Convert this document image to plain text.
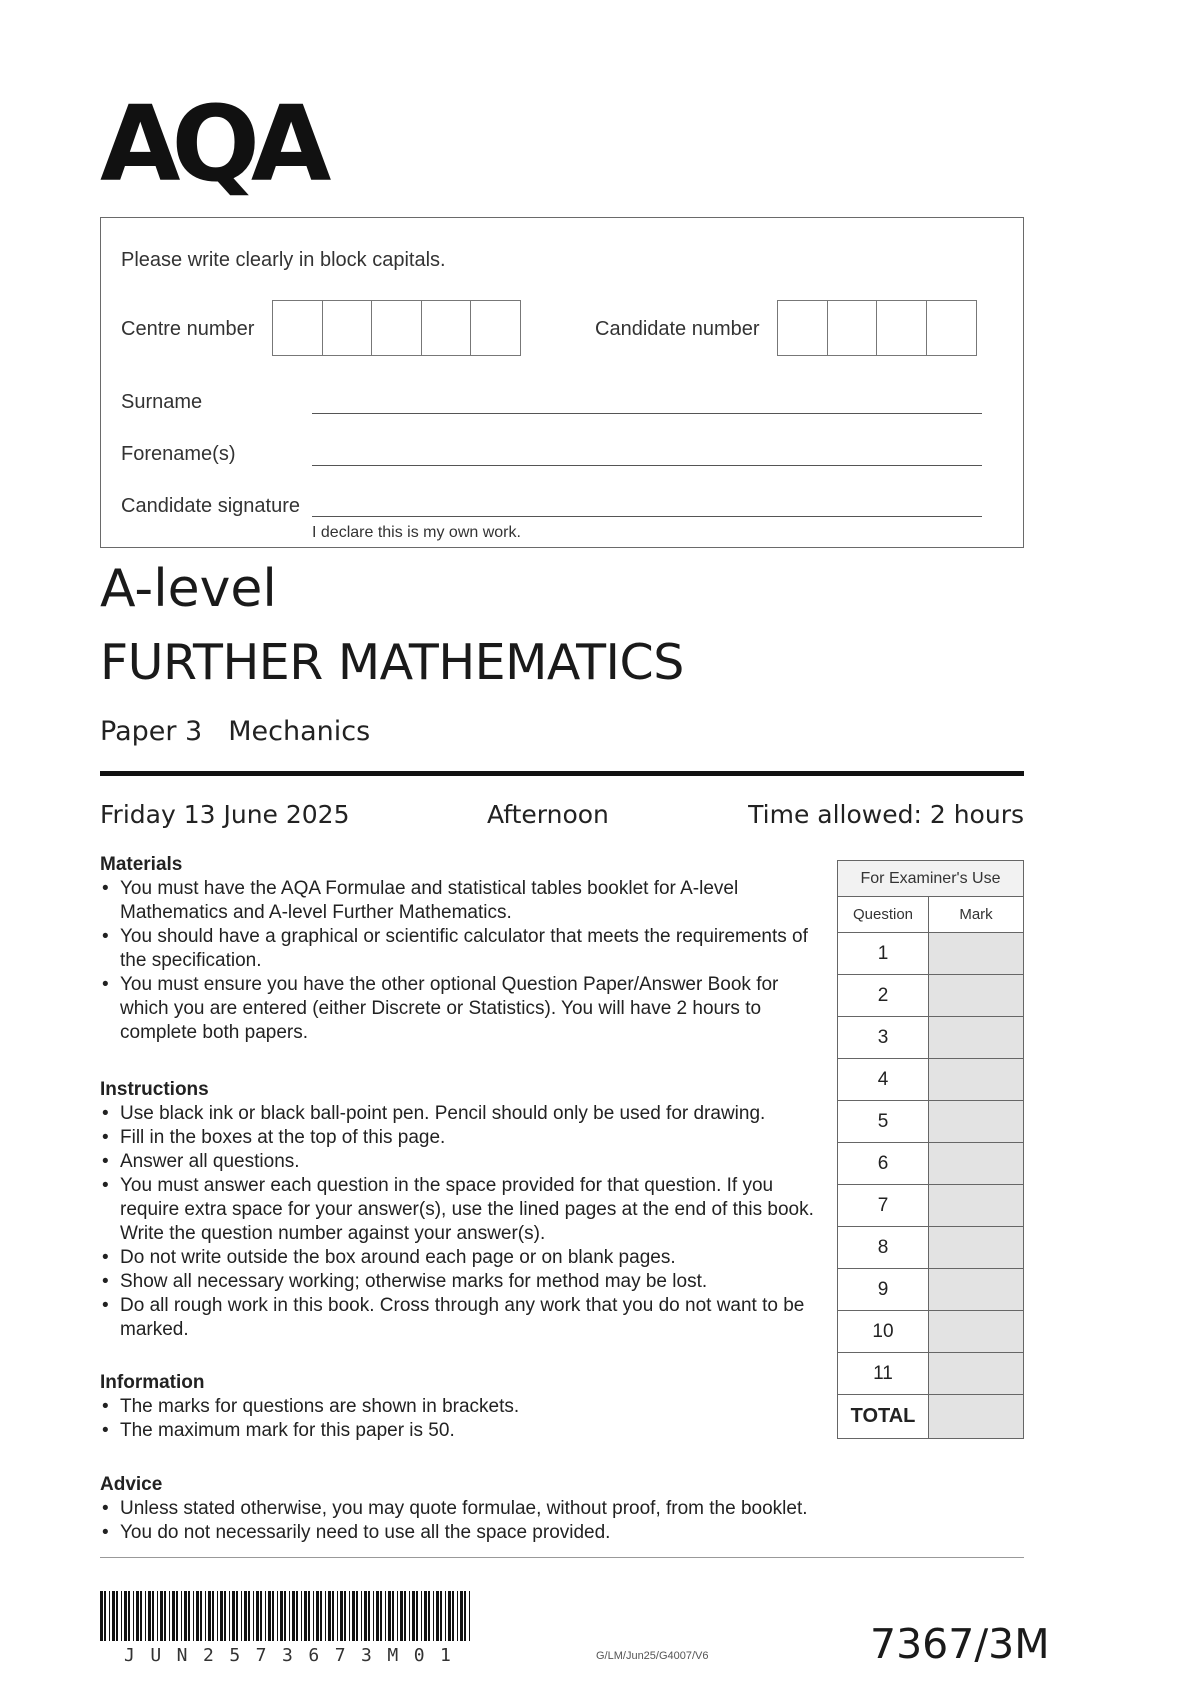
AQA
Please write clearly in block capitals.
Centre number	Candidate number
Surname
Forename(s)
Candidate signature
I declare this is my own work.
A-level
FURTHER MATHEMATICS
Paper 3 Mechanics
Friday 13 June 2025	Afternoon	Time allowed: 2 hours
Materials
• You must have the AQA Formulae and statistical tables booklet for A-level Mathematics and A-level Further Mathematics.
• You should have a graphical or scientific calculator that meets the requirements of the specification.
• You must ensure you have the other optional Question Paper/Answer Book for which you are entered (either Discrete or Statistics). You will have 2 hours to complete both papers.
Instructions
• Use black ink or black ball-point pen. Pencil should only be used for drawing.
• Fill in the boxes at the top of this page.
• Answer all questions.
• You must answer each question in the space provided for that question. If you require extra space for your answer(s), use the lined pages at the end of this book. Write the question number against your answer(s).
• Do not write outside the box around each page or on blank pages.
• Show all necessary working; otherwise marks for method may be lost.
• Do all rough work in this book. Cross through any work that you do not want to be marked.
Information
• The marks for questions are shown in brackets.
• The maximum mark for this paper is 50.
Advice
• Unless stated otherwise, you may quote formulae, without proof, from the booklet.
• You do not necessarily need to use all the space provided.
For Examiner's Use	
Question	Mark
1	
2	
3	
4	
5	
6	
7	
8	
9	
10	
11	
TOTAL	
JUN2573673M01	G/LM/Jun25/G4007/V6	7367/3M
